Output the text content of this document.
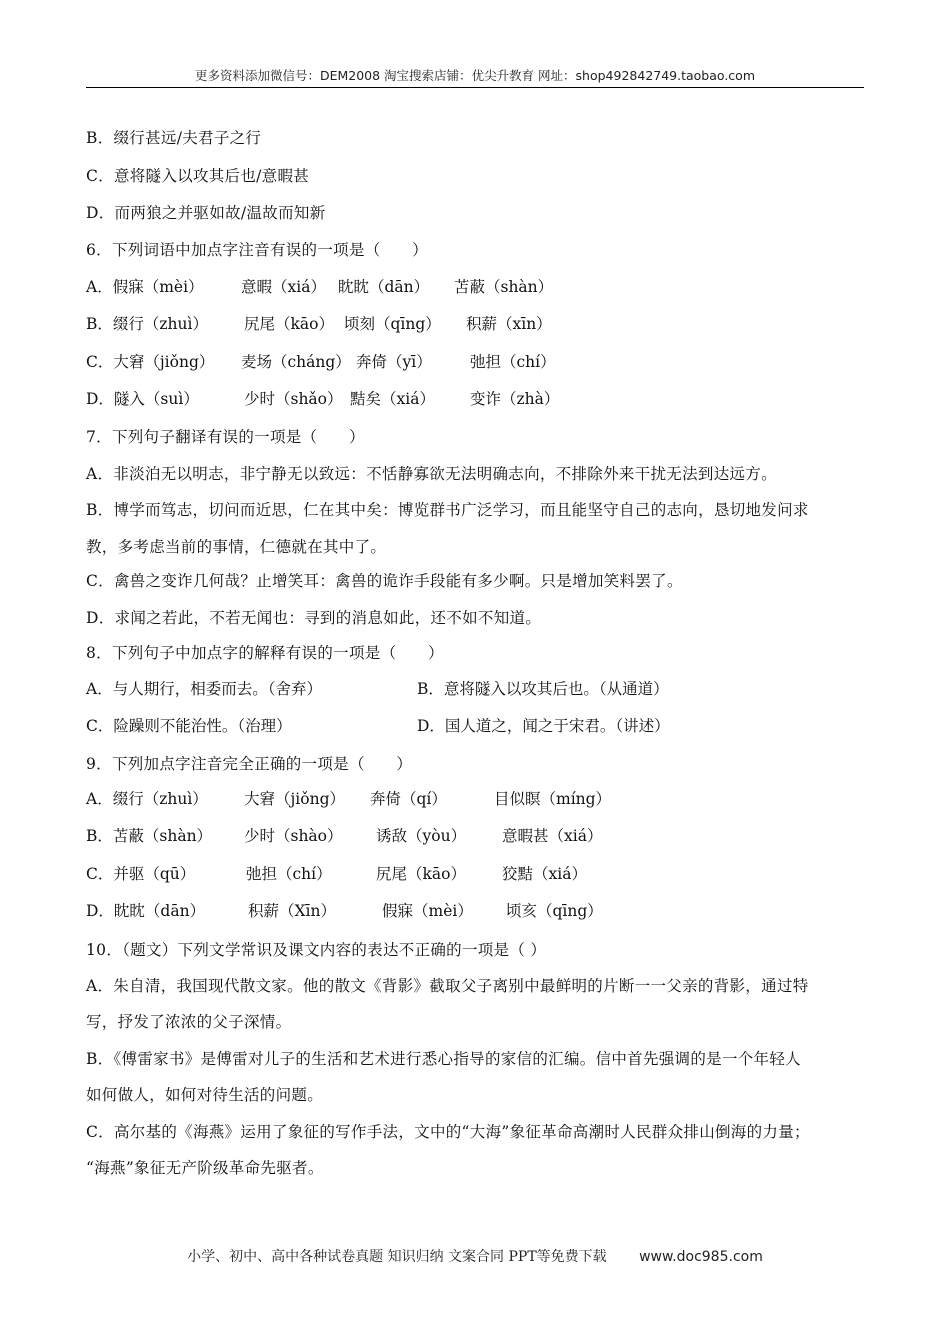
更多资料添加微信号：DEM2008 淘宝搜索店铺：优尖升教育 网址：shop492842749.taobao.com
B．缀行甚远/夫君子之行
C．意将隧入以攻其后也/意暇甚
D．而两狼之并驱如故/温故而知新
6．下列词语中加点字注音有误的一项是（　　）
A．假寐（mèi） 意暇（xiá） 眈眈（dān） 苫蔽（shàn）
B．缀行（zhuì） 尻尾（kāo） 顷刻（qīng） 积薪（xīn）
C．大窘（jiǒng） 麦场（cháng） 奔倚（yī） 弛担（chí）
D．隧入（suì）	少时（shǎo） 黠矣（xiá） 变诈（zhà）
7．下列句子翻译有误的一项是（　　）
A．非淡泊无以明志，非宁静无以致远：不恬静寡欲无法明确志向，不排除外来干扰无法到达远方。
B．博学而笃志，切问而近思，仁在其中矣：博览群书广泛学习，而且能坚守自己的志向，恳切地发问求
教，多考虑当前的事情，仁德就在其中了。
C．禽兽之变诈几何哉？止增笑耳：禽兽的诡诈手段能有多少啊。只是增加笑料罢了。
D．求闻之若此，不若无闻也：寻到的消息如此，还不如不知道。
8．下列句子中加点字的解释有误的一项是（　　）
A．与人期行，相委而去。（舍弃）	B．意将隧入以攻其后也。（从通道）
C．险躁则不能治性。（治理）	D．国人道之，闻之于宋君。（讲述）
9．下列加点字注音完全正确的一项是（　　）
A．缀行（zhuì） 大窘（jiǒng） 奔倚（qí）	目似瞑（míng）
B．苫蔽（shàn） 少时（shào） 诱敌（yòu） 意暇甚（xiá）
C．并驱（qū）	弛担（chí）	尻尾（kāo） 狡黠（xiá）
D．眈眈（dān）	积薪（Xīn）	假寐（mèi） 顷亥（qīng）
10．（题文）下列文学常识及课文内容的表达不正确的一项是（ ）
A．朱自清，我国现代散文家。他的散文《背影》截取父子离别中最鲜明的片断一一父亲的背影，通过特
写，抒发了浓浓的父子深情。
B．《傅雷家书》是傅雷对儿子的生活和艺术进行悉心指导的家信的汇编。信中首先强调的是一个年轻人
如何做人，如何对待生活的问题。
C．高尔基的《海燕》运用了象征的写作手法，文中的“大海”象征革命高潮时人民群众排山倒海的力量；
“海燕”象征无产阶级革命先驱者。
小学、初中、高中各种试卷真题 知识归纳 文案合同 PPT等免费下载 www.doc985.com
